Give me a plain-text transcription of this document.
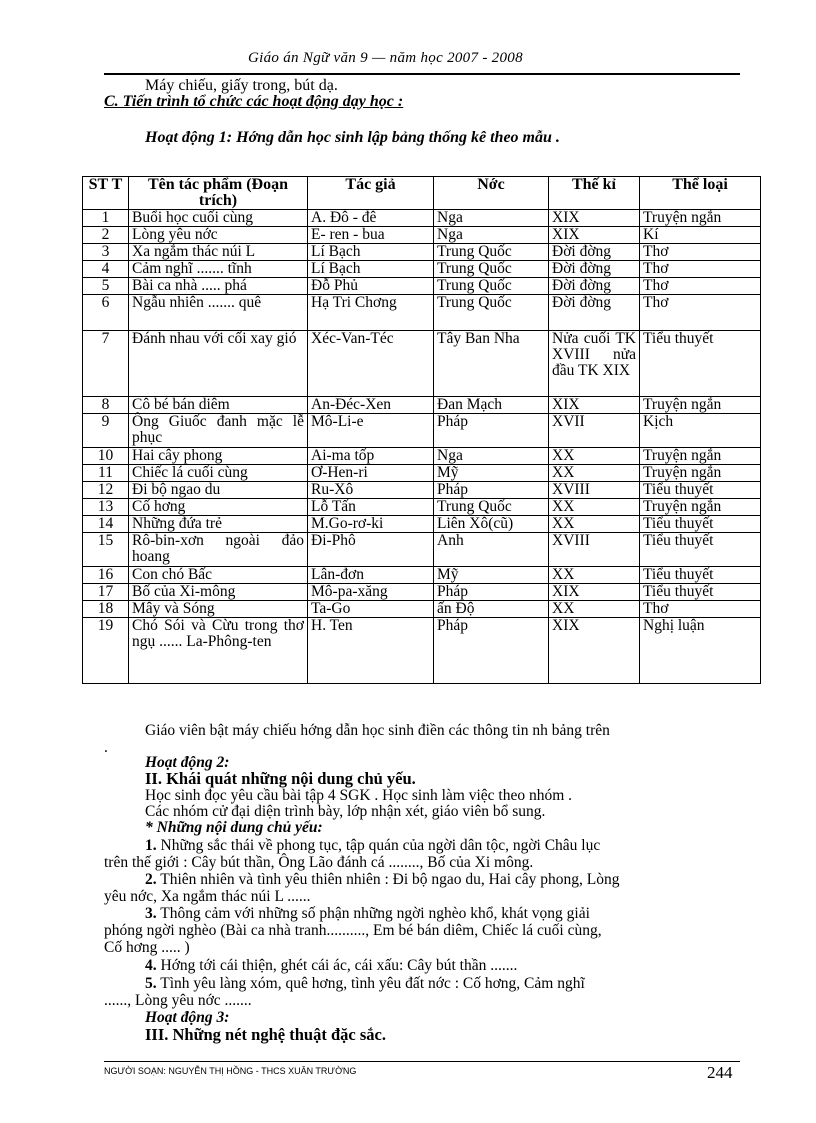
Giáo án Ngữ văn 9 — năm học 2007 - 2008
Máy chiếu, giấy trong, bút dạ.
C. Tiến trình tổ chức các hoạt động dạy học :
Hoạt động 1: Hớng dẫn học sinh lập bảng thống kê theo mẫu .
ST T	Tên tác phẩm (Đoạn trích)	Tác giả	Nớc	Thế kỉ	Thể loại
1	Buổi học cuối cùng	A. Đô - đê	Nga	XIX	Truyện ngắn
2	Lòng yêu nớc	E- ren - bua	Nga	XIX	Kí
3	Xa ngắm thác núi L	Lí Bạch	Trung Quốc	Đời đờng	Thơ
4	Cảm nghĩ ....... tĩnh	Lí Bạch	Trung Quốc	Đời đờng	Thơ
5	Bài ca nhà ..... phá	Đỗ Phủ	Trung Quốc	Đời đờng	Thơ
6	Ngẫu nhiên ....... quê	Hạ Tri Chơng	Trung Quốc	Đời đờng	Thơ
7	Đánh nhau với cối xay gió	Xéc-Van-Téc	Tây Ban Nha	Nửa cuối TK XVIII nửa đầu TK XIX	Tiểu thuyết
8	Cô bé bán diêm	An-Đéc-Xen	Đan Mạch	XIX	Truyện ngắn
9	Ông Giuốc đanh mặc lễ phục	Mô-Li-e	Pháp	XVII	Kịch
10	Hai cây phong	Ai-ma tốp	Nga	XX	Truyện ngắn
11	Chiếc lá cuối cùng	Ơ-Hen-ri	Mỹ	XX	Truyện ngắn
12	Đi bộ ngao du	Ru-Xô	Pháp	XVIII	Tiểu thuyết
13	Cố hơng	Lỗ Tấn	Trung Quốc	XX	Truyện ngắn
14	Những đứa trẻ	M.Go-rơ-ki	Liên Xô(cũ)	XX	Tiểu thuyết
15	Rô-bin-xơn ngoài đảo hoang	Đi-Phô	Anh	XVIII	Tiểu thuyết
16	Con chó Bấc	Lân-đơn	Mỹ	XX	Tiểu thuyết
17	Bố của Xi-mông	Mô-pa-xăng	Pháp	XIX	Tiểu thuyết
18	Mây và Sóng	Ta-Go	ấn Độ	XX	Thơ
19	Chó Sói và Cừu trong thơ ngụ ...... La-Phông-ten	H. Ten	Pháp	XIX	Nghị luận
Giáo viên bật máy chiếu hớng dẫn học sinh điền các thông tin nh bảng trên
.
Hoạt động 2:
II. Khái quát những nội dung chủ yếu.
Học sinh đọc yêu cầu bài tập 4 SGK . Học sinh làm việc theo nhóm .
Các nhóm cử đại diện trình bày, lớp nhận xét, giáo viên bổ sung.
* Những nội dung chủ yếu:
1. Những sắc thái về phong tục, tập quán của ngời dân tộc, ngời Châu lục
trên thế giới : Cây bút thần, Ông Lão đánh cá ........, Bố của Xi mông.
2. Thiên nhiên và tình yêu thiên nhiên : Đi bộ ngao du, Hai cây phong, Lòng
yêu nớc, Xa ngắm thác núi L ......
3. Thông cảm với những số phận những ngời nghèo khổ, khát vọng giải
phóng ngời nghèo (Bài ca nhà tranh.........., Em bé bán diêm, Chiếc lá cuối cùng,
Cố hơng ..... )
4. Hớng tới cái thiện, ghét cái ác, cái xấu: Cây bút thần .......
5. Tình yêu làng xóm, quê hơng, tình yêu đất nớc : Cố hơng, Cảm nghĩ
......, Lòng yêu nớc .......
Hoạt động 3:
III. Những nét nghệ thuật đặc sắc.
NGƯỜI SOẠN: NGUYỄN THỊ HỒNG - THCS XUÂN TRƯỜNG	244
